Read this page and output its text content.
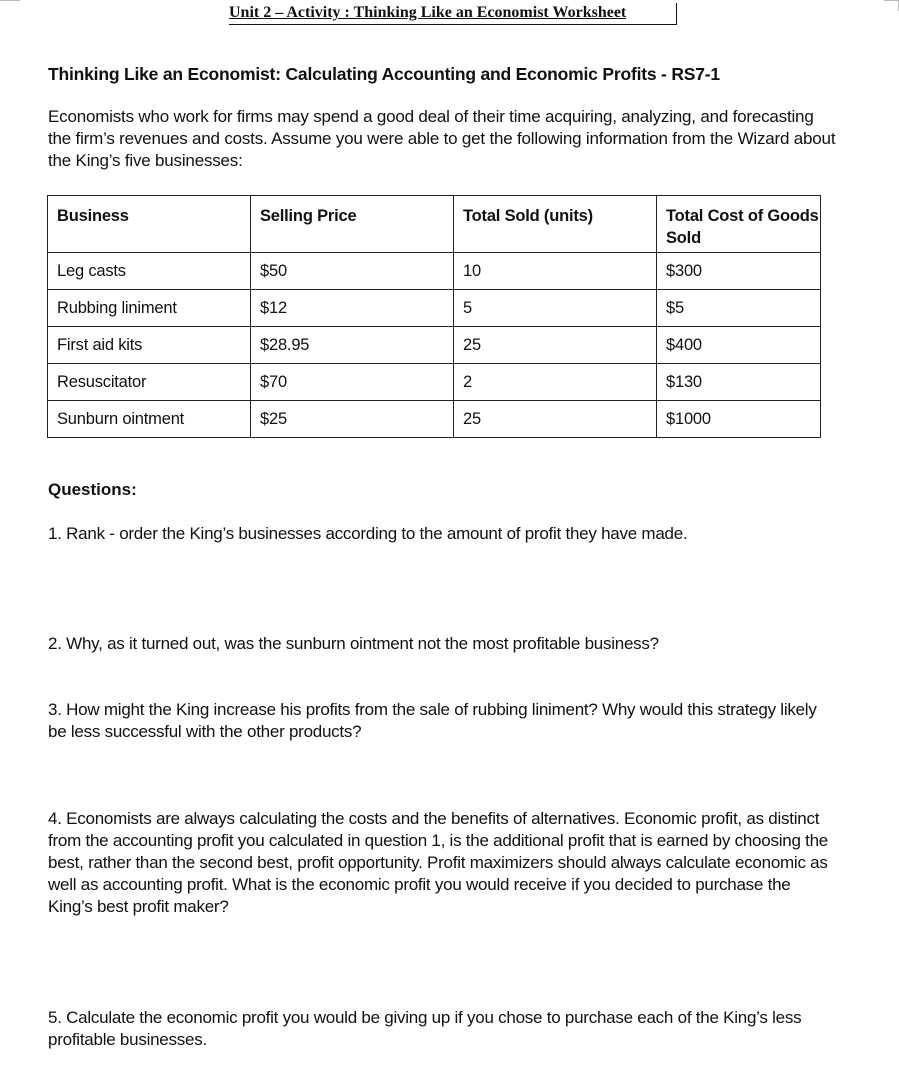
Unit 2 – Activity : Thinking Like an Economist Worksheet
Thinking Like an Economist: Calculating Accounting and Economic Profits - RS7-1
Economists who work for firms may spend a good deal of their time acquiring, analyzing, and forecasting the firm’s revenues and costs. Assume you were able to get the following information from the Wizard about the King’s five businesses:
Business	Selling Price	Total Sold (units)	Total Cost of Goods Sold
Leg casts	$50	10	$300
Rubbing liniment	$12	5	$5
First aid kits	$28.95	25	$400
Resuscitator	$70	2	$130
Sunburn ointment	$25	25	$1000
Questions:
1. Rank - order the King’s businesses according to the amount of profit they have made.
2. Why, as it turned out, was the sunburn ointment not the most profitable business?
3. How might the King increase his profits from the sale of rubbing liniment? Why would this strategy likely be less successful with the other products?
4. Economists are always calculating the costs and the benefits of alternatives. Economic profit, as distinct from the accounting profit you calculated in question 1, is the additional profit that is earned by choosing the best, rather than the second best, profit opportunity. Profit maximizers should always calculate economic as well as accounting profit. What is the economic profit you would receive if you decided to purchase the King’s best profit maker?
5. Calculate the economic profit you would be giving up if you chose to purchase each of the King’s less profitable businesses.
